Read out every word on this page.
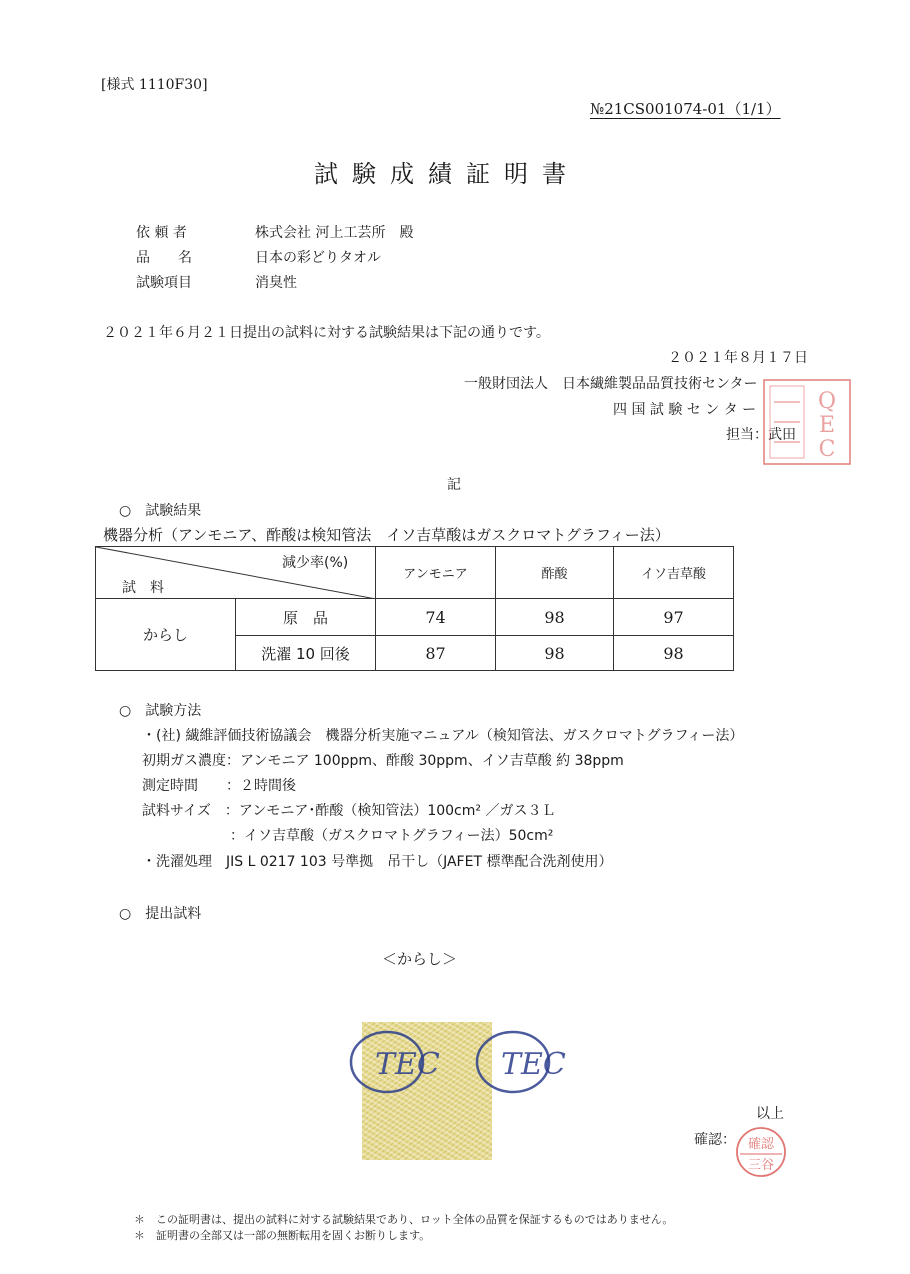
[様式 1110F30]
№21CS001074-01（1/1）
試験成績証明書
依 頼 者	株式会社 河上工芸所　殿
品　　名	日本の彩どりタオル
試験項目	消臭性
２０２１年６月２１日提出の試料に対する試験結果は下記の通りです。
２０２１年８月１７日
一般財団法人　日本繊維製品品質技術センター
四 国 試 験 セ ン タ ー
担当：武田
Q
E
C
記
○　試験結果
機器分析（アンモニア、酢酸は検知管法　イソ吉草酸はガスクロマトグラフィー法）
減少率(%)
試　料		アンモニア	酢酸	イソ吉草酸
からし	原　品	74	98	97
	洗濯 10 回後	87	98	98
○　試験方法
・(社) 繊維評価技術協議会　機器分析実施マニュアル（検知管法、ガスクロマトグラフィー法）
初期ガス濃度：アンモニア 100ppm、酢酸 30ppm、イソ吉草酸 約 38ppm
測定時間　　：２時間後
試料サイズ　：アンモニア･酢酸（検知管法）100cm² ／ガス３Ｌ
：イソ吉草酸（ガスクロマトグラフィー法）50cm²
・洗濯処理　JIS L 0217 103 号準拠　吊干し（JAFET 標準配合洗剤使用）
○　提出試料
＜からし＞
TEC TEC
以上
確認： 確認
三谷
＊　この証明書は、提出の試料に対する試験結果であり、ロット全体の品質を保証するものではありません。
＊　証明書の全部又は一部の無断転用を固くお断りします。
